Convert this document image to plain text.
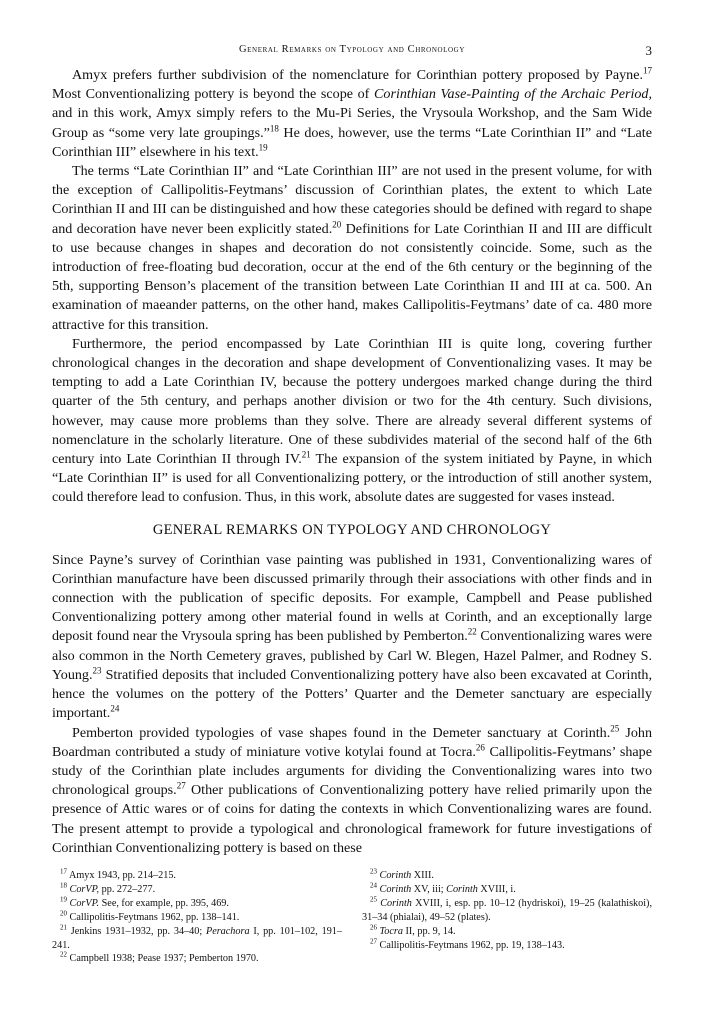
General Remarks on Typology and Chronology	3

Amyx prefers further subdivision of the nomenclature for Corinthian pottery proposed by Payne.$^{17}$ Most Conventionalizing pottery is beyond the scope of Corinthian Vase-Painting of the Archaic Period, and in this work, Amyx simply refers to the Mu-Pi Series, the Vrysoula Workshop, and the Sam Wide Group as “some very late groupings.”$^{18}$ He does, however, use the terms “Late Corinthian II” and “Late Corinthian III” elsewhere in his text.$^{19}$

The terms “Late Corinthian II” and “Late Corinthian III” are not used in the present volume, for with the exception of Callipolitis-Feytmans’ discussion of Corinthian plates, the extent to which Late Corinthian II and III can be distinguished and how these categories should be defined with regard to shape and decoration have never been explicitly stated.$^{20}$ Definitions for Late Corinthian II and III are difficult to use because changes in shapes and decoration do not consistently coincide. Some, such as the introduction of free-floating bud decoration, occur at the end of the 6th century or the beginning of the 5th, supporting Benson’s placement of the transition between Late Corinthian II and III at ca. 500. An examination of maeander patterns, on the other hand, makes Callipolitis-Feytmans’ date of ca. 480 more attractive for this transition.

Furthermore, the period encompassed by Late Corinthian III is quite long, covering further chronological changes in the decoration and shape development of Conventionalizing vases. It may be tempting to add a Late Corinthian IV, because the pottery undergoes marked change during the third quarter of the 5th century, and perhaps another division or two for the 4th century. Such divisions, however, may cause more problems than they solve. There are already several different systems of nomenclature in the scholarly literature. One of these subdivides material of the second half of the 6th century into Late Corinthian II through IV.$^{21}$ The expansion of the system initiated by Payne, in which “Late Corinthian II” is used for all Conventionalizing pottery, or the introduction of still another system, could therefore lead to confusion. Thus, in this work, absolute dates are suggested for vases instead.

GENERAL REMARKS ON TYPOLOGY AND CHRONOLOGY

Since Payne’s survey of Corinthian vase painting was published in 1931, Conventionalizing wares of Corinthian manufacture have been discussed primarily through their associations with other finds and in connection with the publication of specific deposits. For example, Campbell and Pease published Conventionalizing pottery among other material found in wells at Corinth, and an exceptionally large deposit found near the Vrysoula spring has been published by Pemberton.$^{22}$ Conventionalizing wares were also common in the North Cemetery graves, published by Carl W. Blegen, Hazel Palmer, and Rodney S. Young.$^{23}$ Stratified deposits that included Conventionalizing pottery have also been excavated at Corinth, hence the volumes on the pottery of the Potters’ Quarter and the Demeter sanctuary are especially important.$^{24}$

Pemberton provided typologies of vase shapes found in the Demeter sanctuary at Corinth.$^{25}$ John Boardman contributed a study of miniature votive kotylai found at Tocra.$^{26}$ Callipolitis-Feytmans’ shape study of the Corinthian plate includes arguments for dividing the Conventionalizing wares into two chronological groups.$^{27}$ Other publications of Conventionalizing pottery have relied primarily upon the presence of Attic wares or of coins for dating the contexts in which Conventionalizing wares are found. The present attempt to provide a typological and chronological framework for future investigations of Corinthian Conventionalizing pottery is based on these

$^{17}$ Amyx 1943, pp. 214–215.
$^{18}$ CorVP, pp. 272–277.
$^{19}$ CorVP. See, for example, pp. 395, 469.
$^{20}$ Callipolitis-Feytmans 1962, pp. 138–141.
$^{21}$ Jenkins 1931–1932, pp. 34–40; Perachora I, pp. 101–102, 191–241.
$^{22}$ Campbell 1938; Pease 1937; Pemberton 1970.
$^{23}$ Corinth XIII.
$^{24}$ Corinth XV, iii; Corinth XVIII, i.
$^{25}$ Corinth XVIII, i, esp. pp. 10–12 (hydriskoi), 19–25 (kalathiskoi), 31–34 (phialai), 49–52 (plates).
$^{26}$ Tocra II, pp. 9, 14.
$^{27}$ Callipolitis-Feytmans 1962, pp. 19, 138–143.
